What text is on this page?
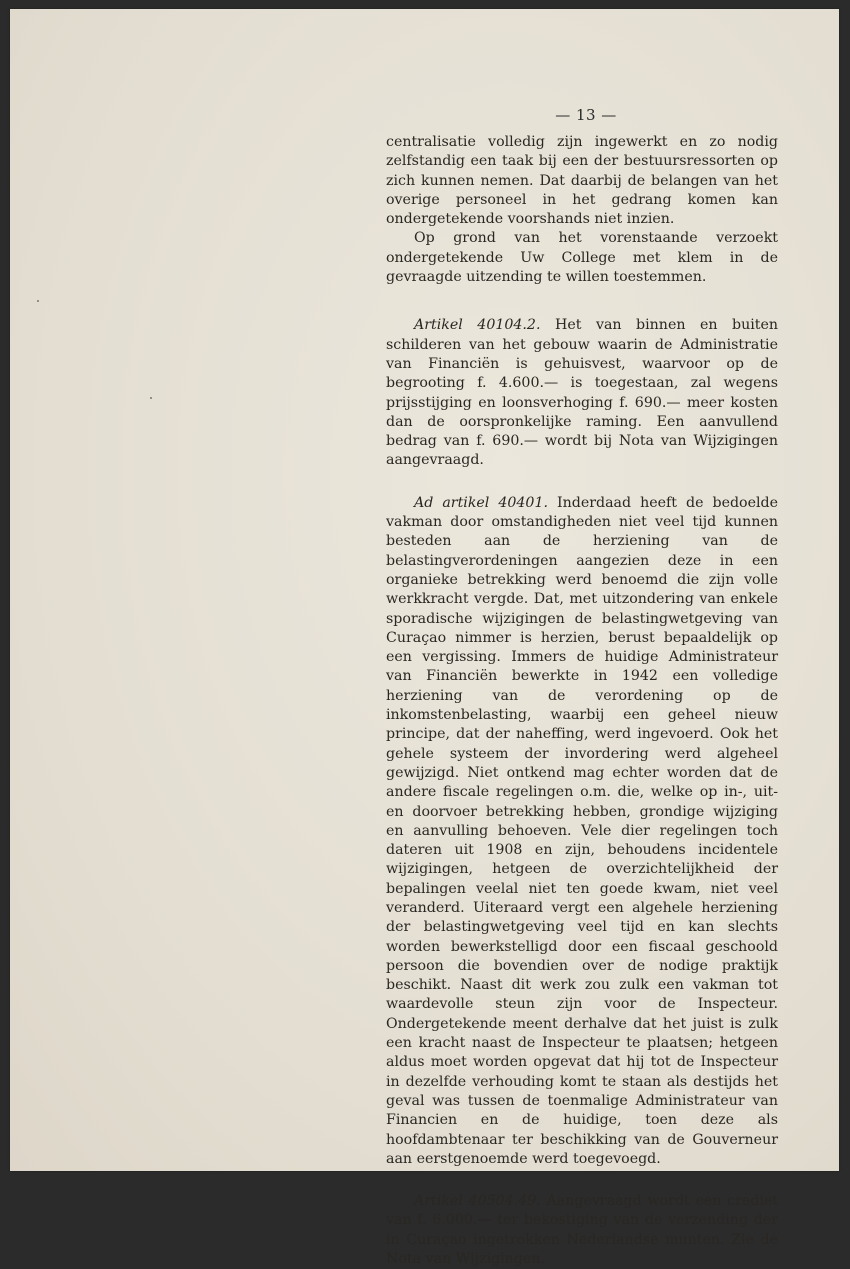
— 13 —

centralisatie volledig zijn ingewerkt en zo nodig zelfstandig een taak bij een der bestuursressorten op zich kunnen nemen. Dat daarbij de belangen van het overige personeel in het gedrang komen kan ondergetekende voorshands niet inzien.

Op grond van het vorenstaande verzoekt ondergetekende Uw College met klem in de gevraagde uitzending te willen toestemmen.

Artikel 40104.2. Het van binnen en buiten schilderen van het gebouw waarin de Administratie van Financiën is gehuisvest, waarvoor op de begrooting f. 4.600.— is toegestaan, zal wegens prijsstijging en loonsverhoging f. 690.— meer kosten dan de oorspronkelijke raming. Een aanvullend bedrag van f. 690.— wordt bij Nota van Wijzigingen aangevraagd.

Ad artikel 40401. Inderdaad heeft de bedoelde vakman door omstandigheden niet veel tijd kunnen besteden aan de herziening van de belastingverordeningen aangezien deze in een organieke betrekking werd benoemd die zijn volle werkkracht vergde. Dat, met uitzondering van enkele sporadische wijzigingen de belastingwetgeving van Curaçao nimmer is herzien, berust bepaaldelijk op een vergissing. Immers de huidige Administrateur van Financiën bewerkte in 1942 een volledige herziening van de verordening op de inkomstenbelasting, waarbij een geheel nieuw principe, dat der naheffing, werd ingevoerd. Ook het gehele systeem der invordering werd algeheel gewijzigd. Niet ontkend mag echter worden dat de andere fiscale regelingen o.m. die, welke op in-, uit- en doorvoer betrekking hebben, grondige wijziging en aanvulling behoeven. Vele dier regelingen toch dateren uit 1908 en zijn, behoudens incidentele wijzigingen, hetgeen de overzichtelijkheid der bepalingen veelal niet ten goede kwam, niet veel veranderd. Uiteraard vergt een algehele herziening der belastingwetgeving veel tijd en kan slechts worden bewerkstelligd door een fiscaal geschoold persoon die bovendien over de nodige praktijk beschikt. Naast dit werk zou zulk een vakman tot waardevolle steun zijn voor de Inspecteur. Ondergetekende meent derhalve dat het juist is zulk een kracht naast de Inspecteur te plaatsen; hetgeen aldus moet worden opgevat dat hij tot de Inspecteur in dezelfde verhouding komt te staan als destijds het geval was tussen de toenmalige Administrateur van Financien en de huidige, toen deze als hoofdambtenaar ter beschikking van de Gouverneur aan eerstgenoemde werd toegevoegd.

Artikel 40504.49. Aangevraagd wordt een crediet van f. 6.000.— ter bekostiging van de verzending der in Curaçao ingetrokken Nederlandse munten. Zie de Nota van Wijzigingen.
